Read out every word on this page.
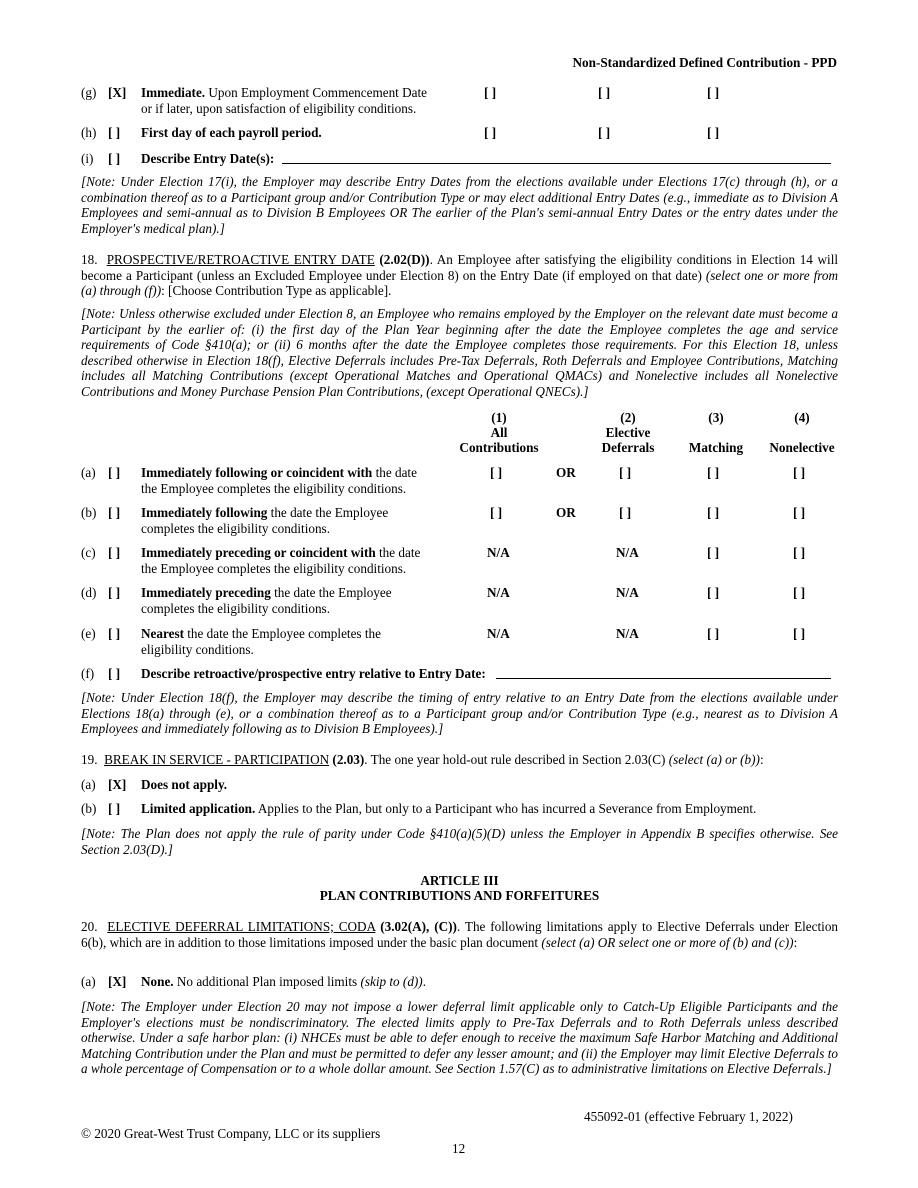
Non-Standardized Defined Contribution - PPD
(g) [X] Immediate. Upon Employment Commencement Date
or if later, upon satisfaction of eligibility conditions.
[ ]	[ ]	[ ]
(h) [ ] First day of each payroll period.	[ ]	[ ]	[ ]
(i) [ ] Describe Entry Date(s):
[Note: Under Election 17(i), the Employer may describe Entry Dates from the elections available under Elections 17(c) through (h), or a combination thereof as to a Participant group and/or Contribution Type or may elect additional Entry Dates (e.g., immediate as to Division A Employees and semi-annual as to Division B Employees OR The earlier of the Plan's semi-annual Entry Dates or the entry dates under the Employer's medical plan).]
18. PROSPECTIVE/RETROACTIVE ENTRY DATE (2.02(D)). An Employee after satisfying the eligibility conditions in Election 14 will become a Participant (unless an Excluded Employee under Election 8) on the Entry Date (if employed on that date) (select one or more from (a) through (f)): [Choose Contribution Type as applicable].
[Note: Unless otherwise excluded under Election 8, an Employee who remains employed by the Employer on the relevant date must become a Participant by the earlier of: (i) the first day of the Plan Year beginning after the date the Employee completes the age and service requirements of Code §410(a); or (ii) 6 months after the date the Employee completes those requirements. For this Election 18, unless described otherwise in Election 18(f), Elective Deferrals includes Pre-Tax Deferrals, Roth Deferrals and Employee Contributions, Matching includes all Matching Contributions (except Operational Matches and Operational QMACs) and Nonelective includes all Nonelective Contributions and Money Purchase Pension Plan Contributions, (except Operational QNECs).]
(1)
All
Contributions
(2)
Elective
Deferrals
(3)
Matching
(4)
Nonelective
(a) [ ] Immediately following or coincident with the date
the Employee completes the eligibility conditions.
[ ]	OR	[ ]	[ ]	[ ]
(b) [ ] Immediately following the date the Employee
completes the eligibility conditions.
[ ]	OR	[ ]	[ ]	[ ]
(c) [ ] Immediately preceding or coincident with the date
the Employee completes the eligibility conditions.
N/A	N/A	[ ]	[ ]
(d) [ ] Immediately preceding the date the Employee
completes the eligibility conditions.
N/A	N/A	[ ]	[ ]
(e) [ ] Nearest the date the Employee completes the
eligibility conditions.
N/A	N/A	[ ]	[ ]
(f) [ ] Describe retroactive/prospective entry relative to Entry Date:
[Note: Under Election 18(f), the Employer may describe the timing of entry relative to an Entry Date from the elections available under Elections 18(a) through (e), or a combination thereof as to a Participant group and/or Contribution Type (e.g., nearest as to Division A Employees and immediately following as to Division B Employees).]
19. BREAK IN SERVICE - PARTICIPATION (2.03). The one year hold-out rule described in Section 2.03(C) (select (a) or (b)):
(a) [X] Does not apply.
(b) [ ] Limited application. Applies to the Plan, but only to a Participant who has incurred a Severance from Employment.
[Note: The Plan does not apply the rule of parity under Code §410(a)(5)(D) unless the Employer in Appendix B specifies otherwise. See Section 2.03(D).]
ARTICLE III
PLAN CONTRIBUTIONS AND FORFEITURES
20. ELECTIVE DEFERRAL LIMITATIONS; CODA (3.02(A), (C)). The following limitations apply to Elective Deferrals under Election 6(b), which are in addition to those limitations imposed under the basic plan document (select (a) OR select one or more of (b) and (c)):
(a) [X] None. No additional Plan imposed limits (skip to (d)).
[Note: The Employer under Election 20 may not impose a lower deferral limit applicable only to Catch-Up Eligible Participants and the Employer's elections must be nondiscriminatory. The elected limits apply to Pre-Tax Deferrals and to Roth Deferrals unless described otherwise. Under a safe harbor plan: (i) NHCEs must be able to defer enough to receive the maximum Safe Harbor Matching and Additional Matching Contribution under the Plan and must be permitted to defer any lesser amount; and (ii) the Employer may limit Elective Deferrals to a whole percentage of Compensation or to a whole dollar amount. See Section 1.57(C) as to administrative limitations on Elective Deferrals.]
455092-01 (effective February 1, 2022)
© 2020 Great-West Trust Company, LLC or its suppliers
12
